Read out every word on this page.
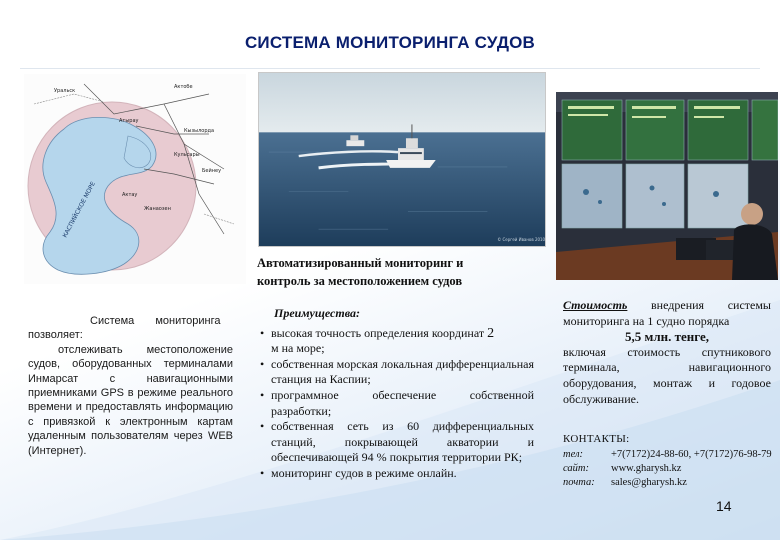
СИСТЕМА МОНИТОРИНГА СУДОВ
Актобе
Атырау
Бейнеу
Актау
Кызылорда
Жанаозен
Кульсары
Уральск
КАСПИЙСКОЕ МОРЕ
© Сергей Иванов 2010
Автоматизированный мониторинг и
контроль за местоположением судов
Система мониторинга
позволяет:

отслеживать местоположение судов, оборудованных терминалами Инмарсат с навигационными приемниками GPS в режиме реального времени и предоставлять информацию с привязкой к электронным картам удаленным пользователям через WEB (Интернет).

Преимущества:
• высокая точность определения координат 2
м на море;
• собственная морская локальная дифференциальная станция на Каспии;
• программное обеспечение собственной разработки;
• собственная сеть из 60 дифференциальных станций, покрывающей акватории и обеспечивающей 94 % покрытия территории РК;
• мониторинг судов в режиме онлайн.

Стоимость внедрения системы мониторинга на 1 судно порядка

5,5 млн. тенге,

включая стоимость спутникового терминала, навигационного оборудования, монтаж и годовое обслуживание.

КОНТАКТЫ:
тел:	+7(7172)24-88-60, +7(7172)76-98-79
сайт:	www.gharysh.kz
почта:	sales@gharysh.kz
14
